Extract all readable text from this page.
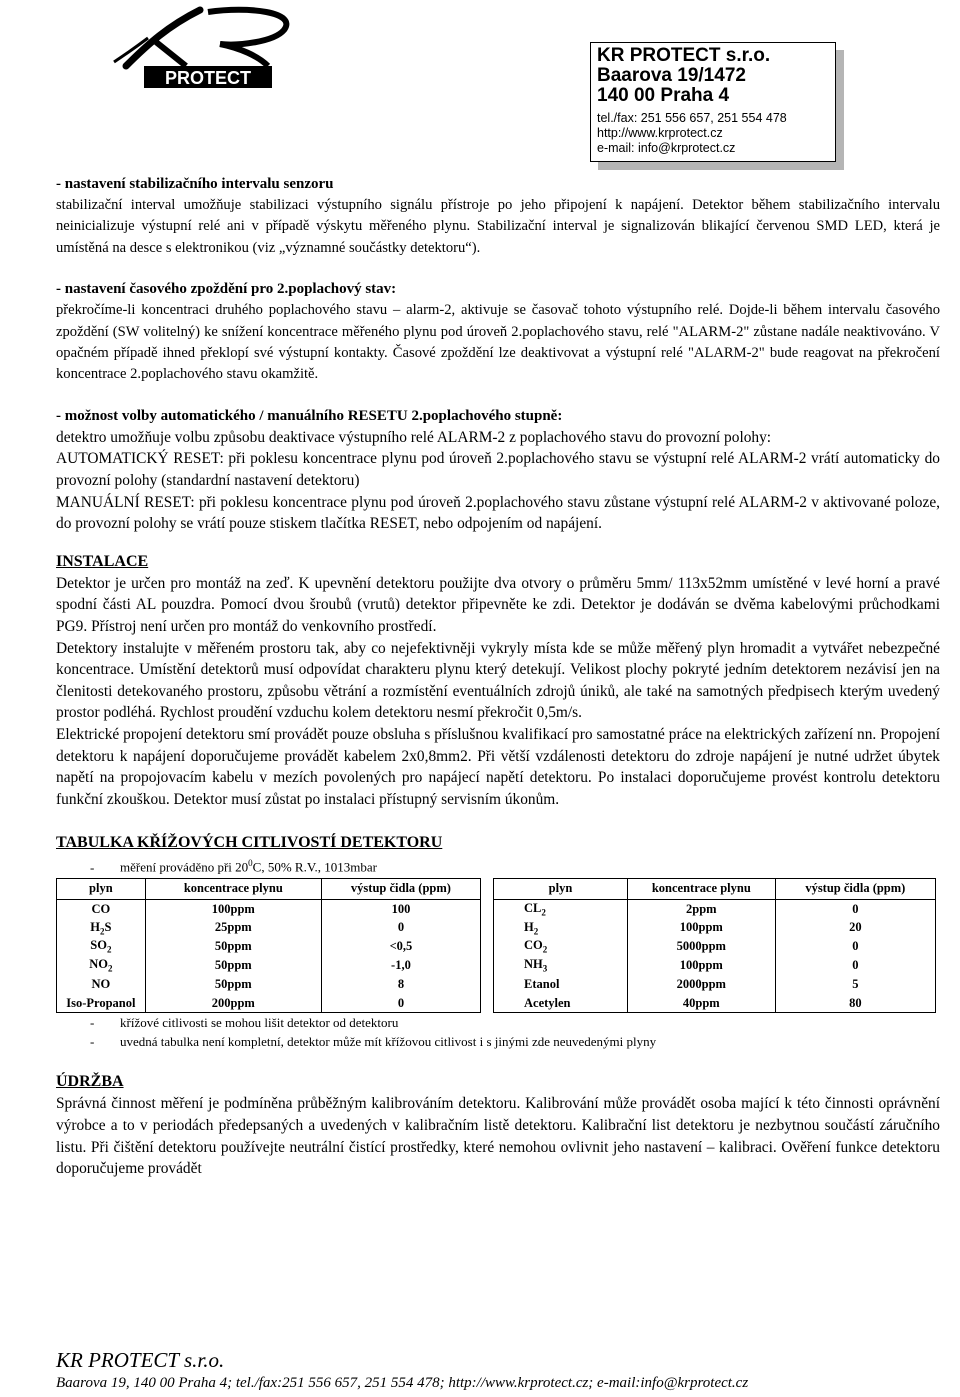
PROTECT
KR PROTECT s.r.o.
Baarova 19/1472
140 00 Praha 4
tel./fax: 251 556 657, 251 554 478
http://www.krprotect.cz
e-mail: info@krprotect.cz
- nastavení stabilizačního intervalu senzoru

stabilizační interval umožňuje stabilizaci výstupního signálu přístroje po jeho připojení k napájení. Detektor během stabilizačního intervalu neinicializuje výstupní relé ani v případě výskytu měřeného plynu. Stabilizační interval je signalizován blikající červenou SMD LED, která je umístěná na desce s elektronikou (viz „významné součástky detektoru“).

- nastavení časového zpoždění pro 2.poplachový stav:

překročíme-li koncentraci druhého poplachového stavu – alarm-2, aktivuje se časovač tohoto výstupního relé. Dojde-li během intervalu časového zpoždění (SW volitelný) ke snížení koncentrace měřeného plynu pod úroveň 2.poplachového stavu, relé "ALARM-2" zůstane nadále neaktivováno. V opačném případě ihned překlopí své výstupní kontakty. Časové zpoždění lze deaktivovat a výstupní relé "ALARM-2" bude reagovat na překročení koncentrace 2.poplachového stavu okamžitě.

- možnost volby automatického / manuálního RESETU 2.poplachového stupně:

detektro umožňuje volbu způsobu deaktivace výstupního relé ALARM-2 z poplachového stavu do provozní polohy:

AUTOMATICKÝ RESET: při poklesu koncentrace plynu pod úroveň 2.poplachového stavu se výstupní relé ALARM-2 vrátí automaticky do provozní polohy (standardní nastavení detektoru)

MANUÁLNÍ RESET: při poklesu koncentrace plynu pod úroveň 2.poplachového stavu zůstane výstupní relé ALARM-2 v aktivované poloze, do provozní polohy se vrátí pouze stiskem tlačítka RESET, nebo odpojením od napájení.

INSTALACE

Detektor je určen pro montáž na zeď. K upevnění detektoru použijte dva otvory o průměru 5mm/ 113x52mm umístěné v levé horní a pravé spodní části AL pouzdra. Pomocí dvou šroubů (vrutů) detektor připevněte ke zdi. Detektor je dodáván se dvěma kabelovými průchodkami PG9. Přístroj není určen pro montáž do venkovního prostředí.

Detektory instalujte v měřeném prostoru tak, aby co nejefektivněji vykryly místa kde se může měřený plyn hromadit a vytvářet nebezpečné koncentrace. Umístění detektorů musí odpovídat charakteru plynu který detekují. Velikost plochy pokryté jedním detektorem nezávisí jen na členitosti detekovaného prostoru, způsobu větrání a rozmístění eventuálních zdrojů úniků, ale také na samotných předpisech kterým uvedený prostor podléhá. Rychlost proudění vzduchu kolem detektoru nesmí překročit 0,5m/s.

Elektrické propojení detektoru smí provádět pouze obsluha s příslušnou kvalifikací pro samostatné práce na elektrických zařízení nn. Propojení detektoru k napájení doporučujeme provádět kabelem 2x0,8mm2. Při větší vzdálenosti detektoru do zdroje napájení je nutné udržet úbytek napětí na propojovacím kabelu v mezích povolených pro napájecí napětí detektoru. Po instalaci doporučujeme provést kontrolu detektoru funkční zkouškou. Detektor musí zůstat po instalaci přístupný servisním úkonům.

TABULKA KŘÍŽOVÝCH CITLIVOSTÍ DETEKTORU
- měření prováděno při $20^0C$, 50% R.V., 1013mbar
plyn	koncentrace plynu	výstup čidla (ppm)
CO	100ppm	100
$H_2S$	25ppm	0
$SO_2$	50ppm	<0,5
$NO_2$	50ppm	-1,0
NO	50ppm	8
Iso-Propanol	200ppm	0
plyn	koncentrace plynu	výstup čidla (ppm)
$CL_2$	2ppm	0
$H_2$	100ppm	20
$CO_2$	5000ppm	0
$NH_3$	100ppm	0
Etanol	2000ppm	5
Acetylen	40ppm	80
- křížové citlivosti se mohou lišit detektor od detektoru
- uvedná tabulka není kompletní, detektor může mít křížovou citlivost i s jinými zde neuvedenými plyny
ÚDRŽBA

Správná činnost měření je podmíněna průběžným kalibrováním detektoru. Kalibrování může provádět osoba mající k této činnosti oprávnění výrobce a to v periodách předepsaných a uvedených v kalibračním listě detektoru. Kalibrační list detektoru je nezbytnou součástí záručního listu. Při čištění detektoru používejte neutrální čistící prostředky, které nemohou ovlivnit jeho nastavení – kalibraci. Ověření funkce detektoru doporučujeme provádět

KR PROTECT s.r.o.
Baarova 19, 140 00 Praha 4; tel./fax:251 556 657, 251 554 478; http://www.krprotect.cz; e-mail:info@krprotect.cz
